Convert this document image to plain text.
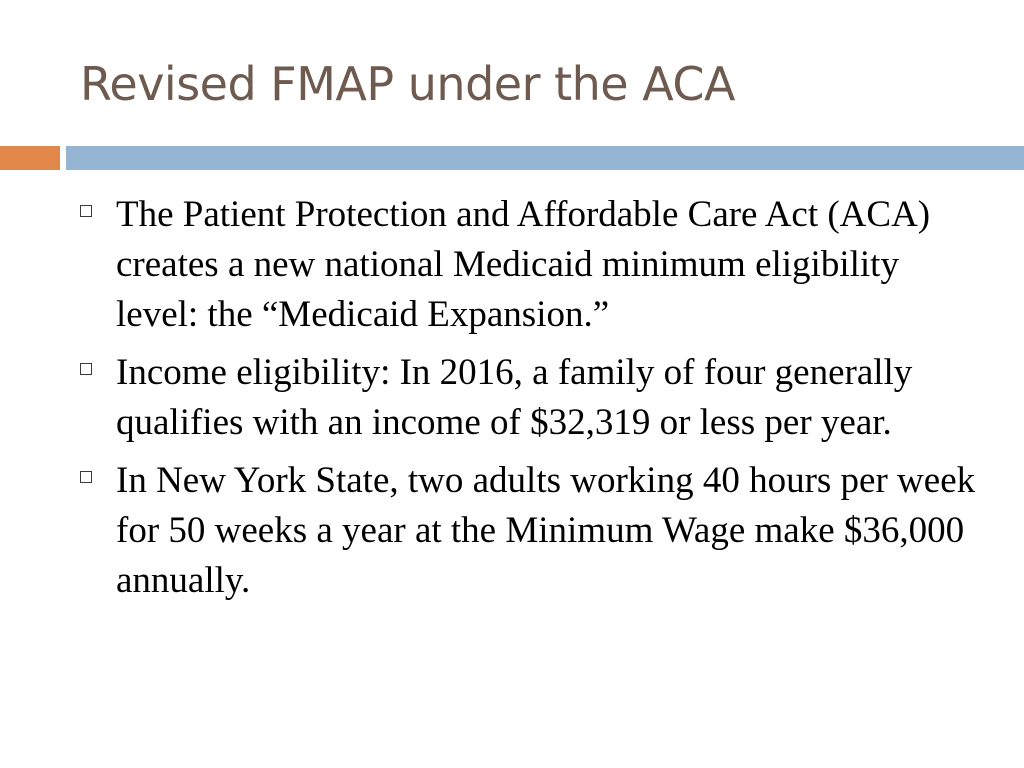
Revised FMAP under the ACA
The Patient Protection and Affordable Care Act (ACA) creates a new national Medicaid minimum eligibility level: the “Medicaid Expansion.”
Income eligibility: In 2016, a family of four generally qualifies with an income of $32,319 or less per year.
In New York State, two adults working 40 hours per week for 50 weeks a year at the Minimum Wage make $36,000 annually.
